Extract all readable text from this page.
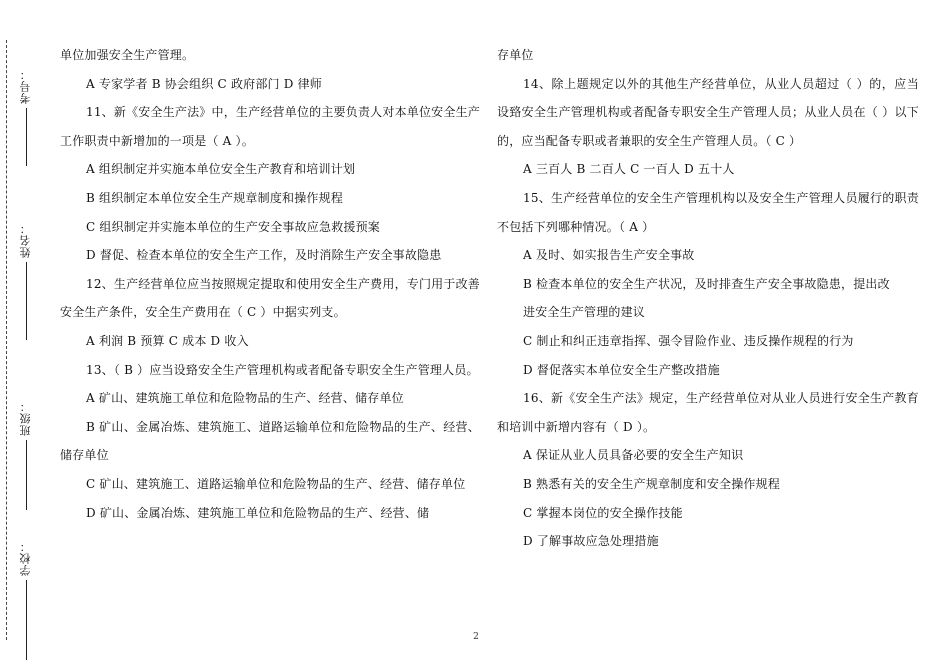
考号：
姓名：
班级：
学校：

单位加强安全生产管理。

A 专家学者 B 协会组织 C 政府部门 D 律师

11、新《安全生产法》中，生产经营单位的主要负责人对本单位安全生产工作职责中新增加的一项是（ A ）。

A 组织制定并实施本单位安全生产教育和培训计划

B 组织制定本单位安全生产规章制度和操作规程

C 组织制定并实施本单位的生产安全事故应急救援预案

D 督促、检查本单位的安全生产工作，及时消除生产安全事故隐患

12、生产经营单位应当按照规定提取和使用安全生产费用，专门用于改善安全生产条件，安全生产费用在（ C ）中据实列支。

A 利润 B 预算 C 成本 D 收入

13、（ B ）应当设臵安全生产管理机构或者配备专职安全生产管理人员。

A 矿山、建筑施工单位和危险物品的生产、经营、储存单位

B 矿山、金属冶炼、建筑施工、道路运输单位和危险物品的生产、经营、储存单位

C 矿山、建筑施工、道路运输单位和危险物品的生产、经营、储存单位

D 矿山、金属冶炼、建筑施工单位和危险物品的生产、经营、储

存单位

14、除上题规定以外的其他生产经营单位，从业人员超过（ ）的，应当设臵安全生产管理机构或者配备专职安全生产管理人员；从业人员在（ ）以下的，应当配备专职或者兼职的安全生产管理人员。（ C ）

A 三百人 B 二百人 C 一百人 D 五十人

15、生产经营单位的安全生产管理机构以及安全生产管理人员履行的职责不包括下列哪种情况。（ A ）

A 及时、如实报告生产安全事故

B 检查本单位的安全生产状况，及时排查生产安全事故隐患，提出改

进安全生产管理的建议

C 制止和纠正违章指挥、强令冒险作业、违反操作规程的行为

D 督促落实本单位安全生产整改措施

16、新《安全生产法》规定，生产经营单位对从业人员进行安全生产教育和培训中新增内容有（ D ）。

A 保证从业人员具备必要的安全生产知识

B 熟悉有关的安全生产规章制度和安全操作规程

C 掌握本岗位的安全操作技能

D 了解事故应急处理措施

2
